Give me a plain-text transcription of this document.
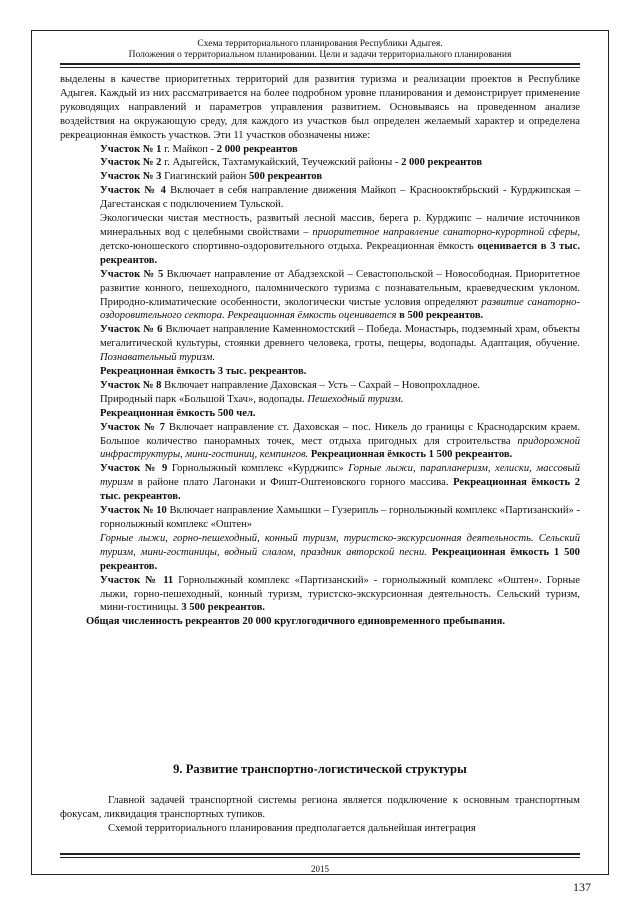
Схема территориального планирования Республики Адыгея.
Положения о территориальном планировании. Цели и задачи территориального планирования

выделены в качестве приоритетных территорий для развития туризма и реализации проектов в Республике Адыгея. Каждый из них рассматривается на более подробном уровне планирования и демонстрирует применение руководящих направлений и параметров управления развитием. Основываясь на проведенном анализе воздействия на окружающую среду, для каждого из участков был определен желаемый характер и определена рекреационная ёмкость участков. Эти 11 участков обозначены ниже:

Участок № 1 г. Майкоп - 2 000 рекреантов

Участок № 2 г. Адыгейск, Тахтамукайский, Теучежский районы - 2 000 рекреантов

Участок № 3 Гиагинский район 500 рекреантов

Участок № 4 Включает в себя направление движения Майкоп – Краснооктябрьский - Курджипская – Дагестанская с подключением Тульской.

Экологически чистая местность, развитый лесной массив, берега р. Курджипс – наличие источников минеральных вод с целебными свойствами – приоритетное направление санаторно-курортной сферы, детско-юношеского спортивно-оздоровительного отдыха. Рекреационная ёмкость оценивается в 3 тыс. рекреантов.

Участок № 5 Включает направление от Абадзехской – Севастопольской – Новосободная. Приоритетное развитие конного, пешеходного, паломнического туризма с познавательным, краеведческим уклоном. Природно-климатические особенности, экологически чистые условия определяют развитие санаторно-оздоровительного сектора. Рекреационная ёмкость оценивается в 500 рекреантов.

Участок № 6 Включает направление Каменномостский – Победа. Монастырь, подземный храм, объекты мегалитической культуры, стоянки древнего человека, гроты, пещеры, водопады. Адаптация, обучение. Познавательный туризм.

Рекреационная ёмкость 3 тыс. рекреантов.

Участок № 8 Включает направление Даховская – Усть – Сахрай – Новопрохладное.

Природный парк «Большой Тхач», водопады. Пешеходный туризм.

Рекреационная ёмкость 500 чел.

Участок № 7 Включает направление ст. Даховская – пос. Никель до границы с Краснодарским краем. Большое количество панорамных точек, мест отдыха пригодных для строительства придорожной инфраструктуры, мини-гостиниц, кемпингов. Рекреационная ёмкость 1 500 рекреантов.

Участок № 9 Горнолыжный комплекс «Курджипс» Горные лыжи, парапланеризм, хелиски, массовый туризм в районе плато Лагонаки и Фишт-Оштеновского горного массива. Рекреационная ёмкость 2 тыс. рекреантов.

Участок № 10 Включает направление Хамышки – Гузерипль – горнолыжный комплекс «Партизанский» - горнолыжный комплекс «Оштен»

Горные лыжи, горно-пешеходный, конный туризм, туристско-экскурсионная деятельность. Сельский туризм, мини-гостиницы, водный слалом, праздник авторской песни. Рекреационная ёмкость 1 500 рекреантов.

Участок № 11 Горнолыжный комплекс «Партизанский» - горнолыжный комплекс «Оштен». Горные лыжи, горно-пешеходный, конный туризм, туристско-экскурсионная деятельность. Сельский туризм, мини-гостиницы. 3 500 рекреантов.

Общая численность рекреантов 20 000 круглогодичного единовременного пребывания.

9. Развитие транспортно-логистической структуры
Главной задачей транспортной системы региона является подключение к основным транспортным фокусам, ликвидация транспортных тупиков.
Схемой территориального планирования предполагается дальнейшая интеграция
2015
137
